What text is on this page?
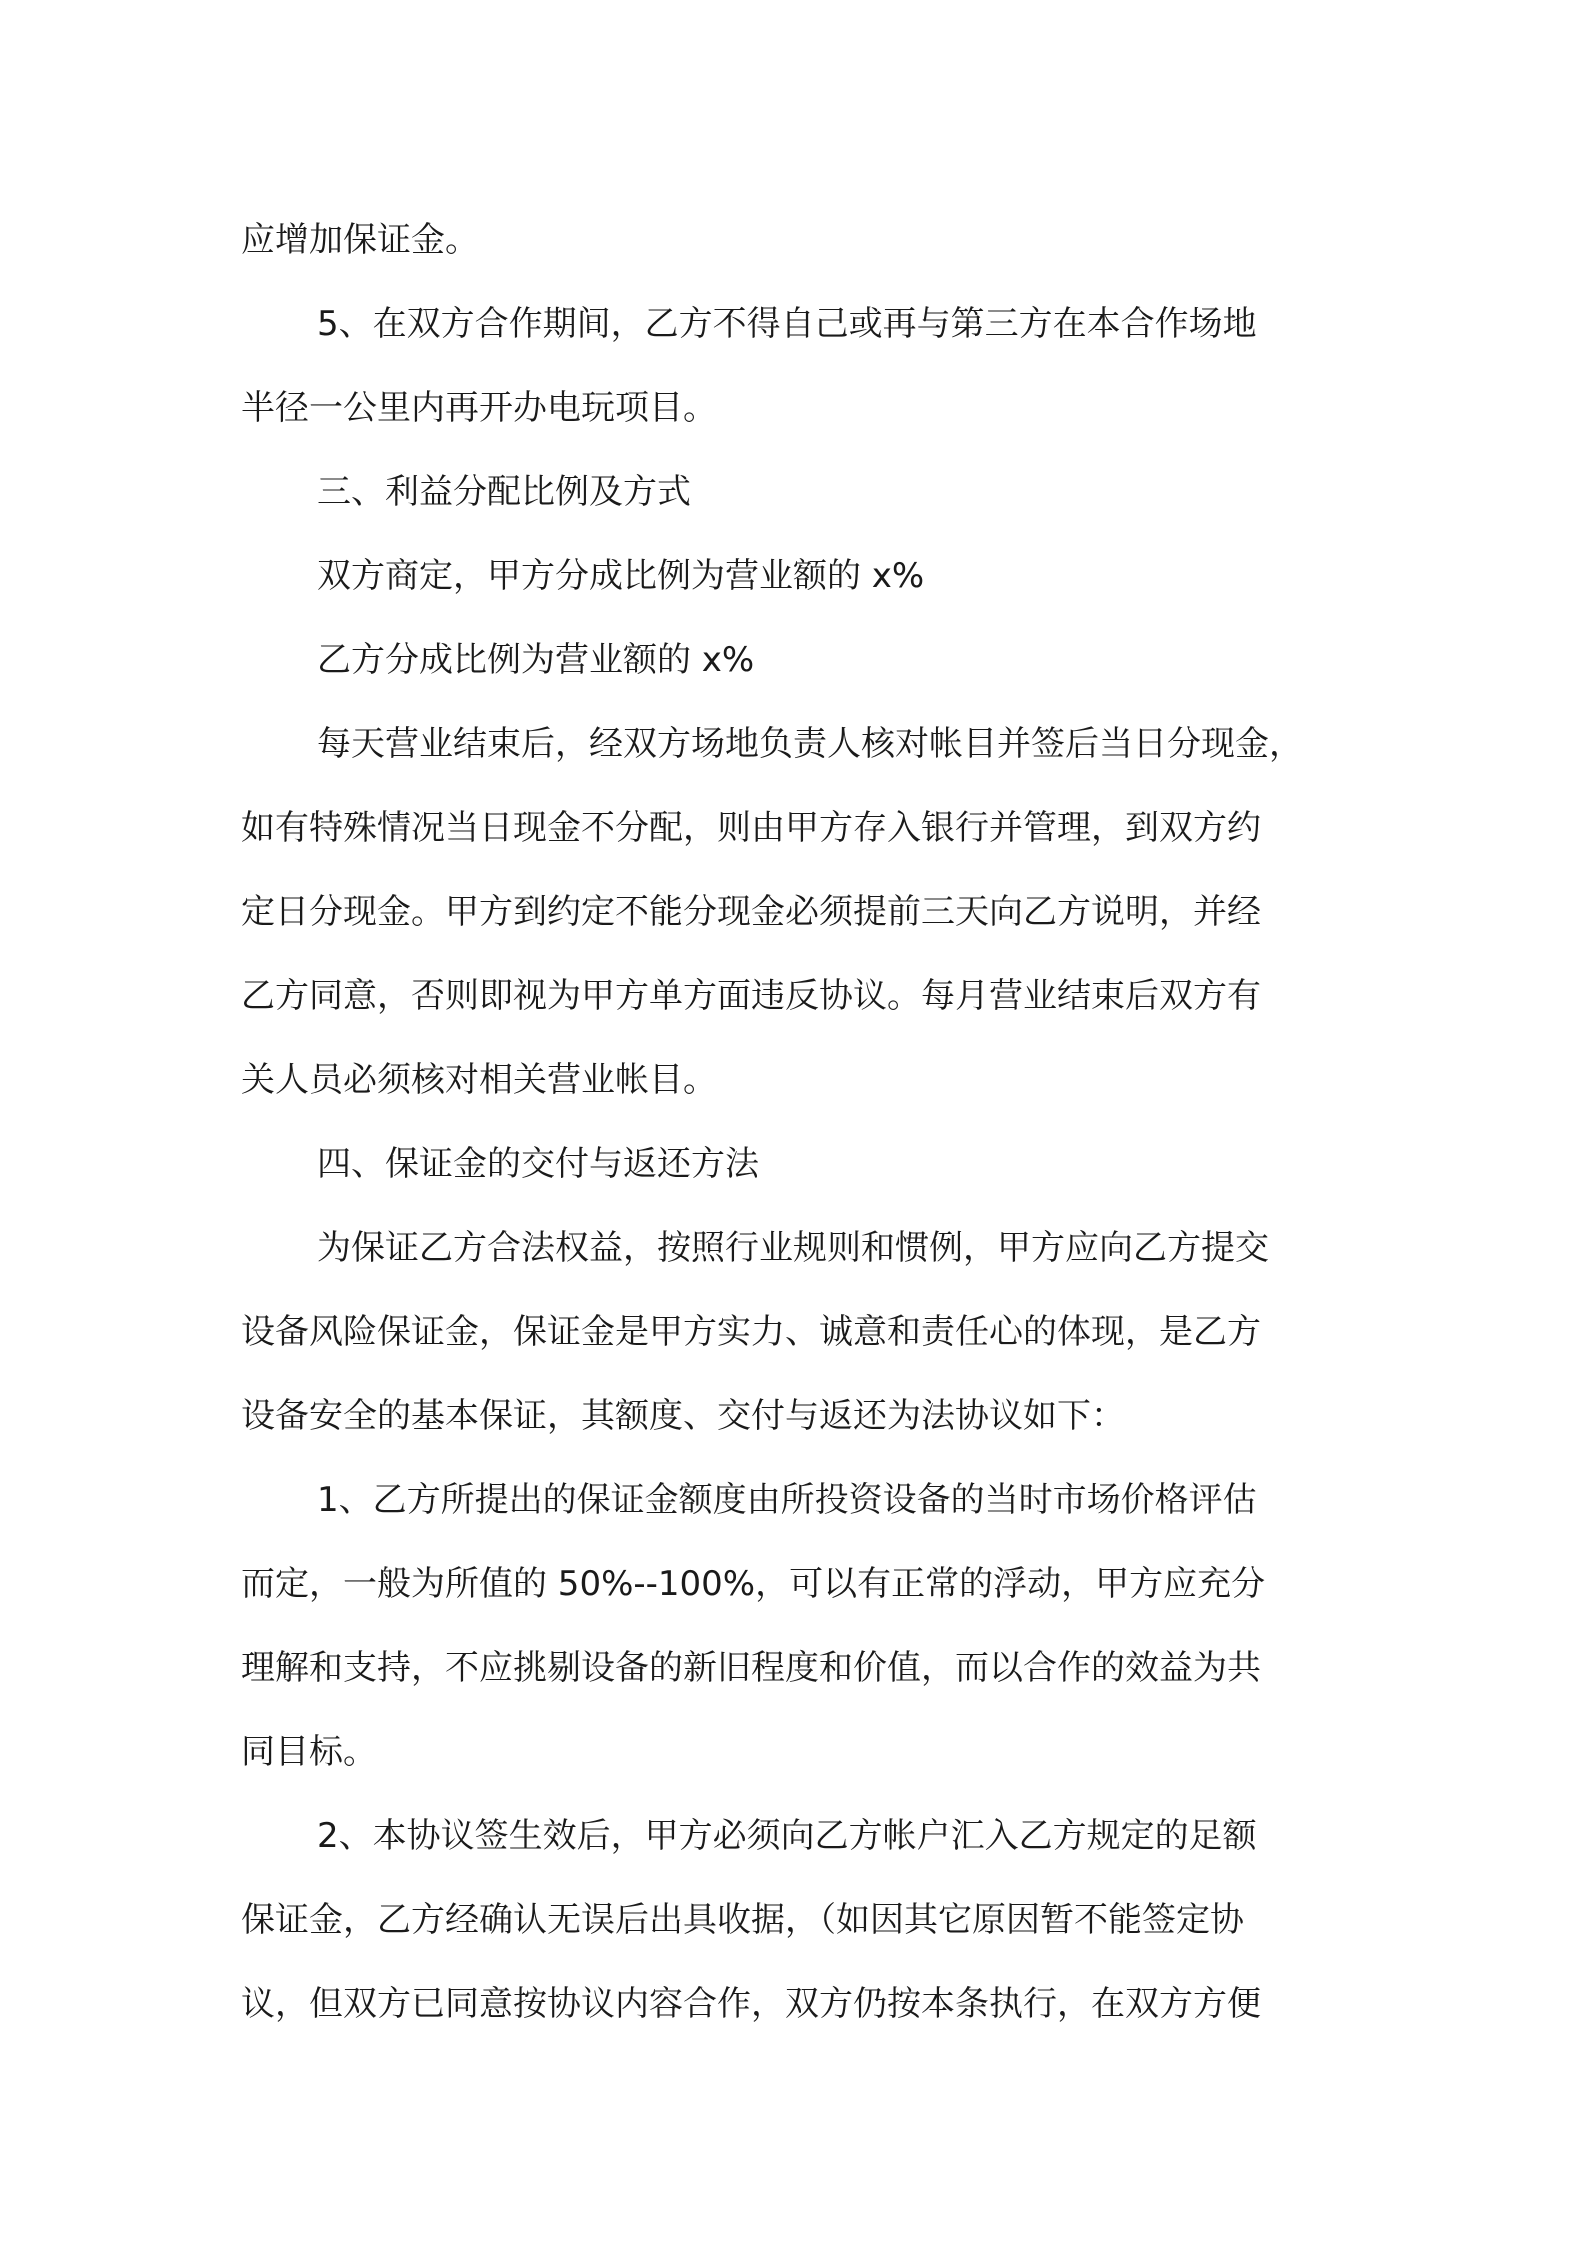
应增加保证金。

5、在双方合作期间，乙方不得自己或再与第三方在本合作场地

半径一公里内再开办电玩项目。

三、利益分配比例及方式

双方商定，甲方分成比例为营业额的 x%

乙方分成比例为营业额的 x%

每天营业结束后，经双方场地负责人核对帐目并签后当日分现金，

如有特殊情况当日现金不分配，则由甲方存入银行并管理，到双方约

定日分现金。甲方到约定不能分现金必须提前三天向乙方说明，并经

乙方同意，否则即视为甲方单方面违反协议。每月营业结束后双方有

关人员必须核对相关营业帐目。

四、保证金的交付与返还方法

为保证乙方合法权益，按照行业规则和惯例，甲方应向乙方提交

设备风险保证金，保证金是甲方实力、诚意和责任心的体现，是乙方

设备安全的基本保证，其额度、交付与返还为法协议如下：

1、乙方所提出的保证金额度由所投资设备的当时市场价格评估

而定，一般为所值的 50%--100%，可以有正常的浮动，甲方应充分

理解和支持，不应挑剔设备的新旧程度和价值，而以合作的效益为共

同目标。

2、本协议签生效后，甲方必须向乙方帐户汇入乙方规定的足额

保证金，乙方经确认无误后出具收据，（如因其它原因暂不能签定协

议，但双方已同意按协议内容合作，双方仍按本条执行，在双方方便
